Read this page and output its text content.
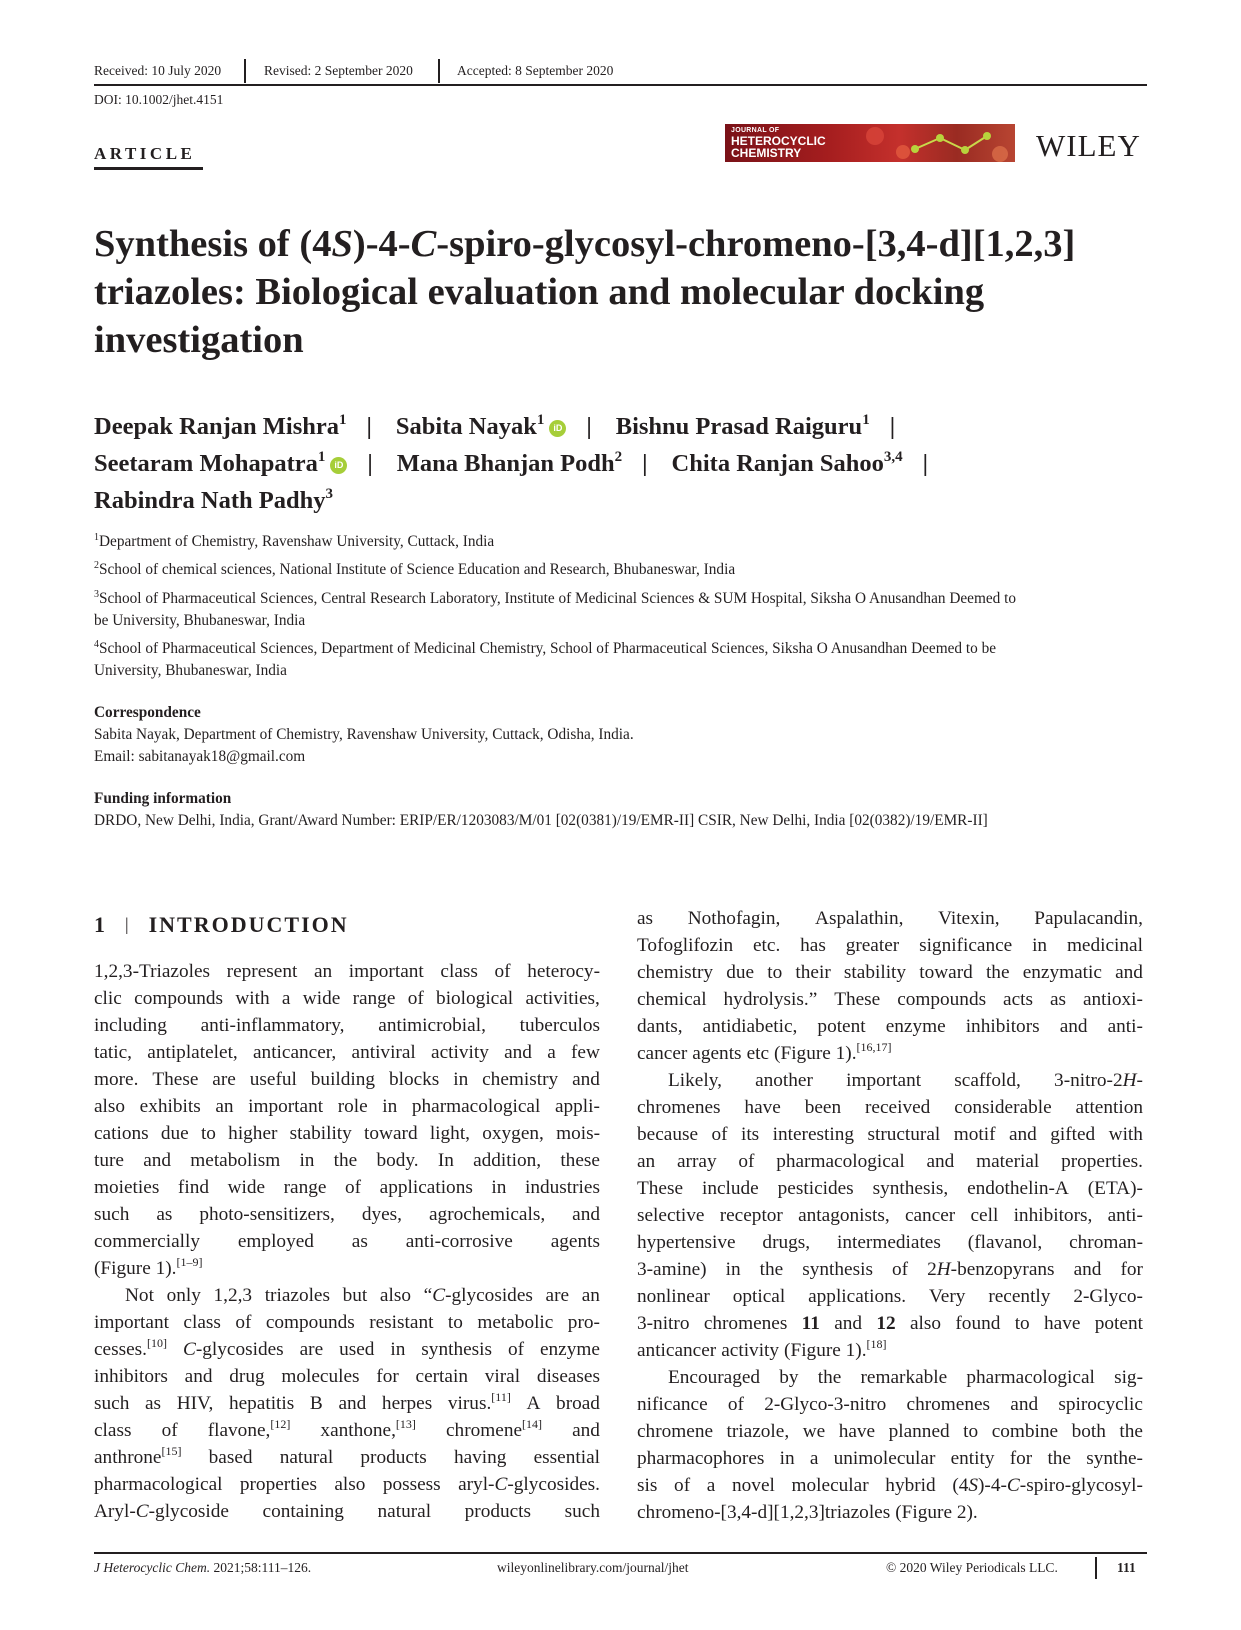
Received: 10 July 2020	Revised: 2 September 2020	Accepted: 8 September 2020
DOI: 10.1002/jhet.4151
ARTICLE
JOURNAL OF
HETEROCYCLIC
CHEMISTRY	WILEY

Synthesis of (4S)-4-C-spiro-glycosyl-chromeno-[3,4-d][1,2,3]

triazoles: Biological evaluation and molecular docking

investigation

Deepak Ranjan Mishra$^1$ | Sabita Nayak$^1$ iD | Bishnu Prasad Raiguru$^1$ |
Seetaram Mohapatra$^1$ iD | Mana Bhanjan Podh$^2$ | Chita Ranjan Sahoo$^{3,4}$ |
Rabindra Nath Padhy$^3$
$^1$Department of Chemistry, Ravenshaw University, Cuttack, India
$^2$School of chemical sciences, National Institute of Science Education and Research, Bhubaneswar, India
$^3$School of Pharmaceutical Sciences, Central Research Laboratory, Institute of Medicinal Sciences & SUM Hospital, Siksha O Anusandhan Deemed to
be University, Bhubaneswar, India
$^4$School of Pharmaceutical Sciences, Department of Medicinal Chemistry, School of Pharmaceutical Sciences, Siksha O Anusandhan Deemed to be
University, Bhubaneswar, India
Correspondence
Sabita Nayak, Department of Chemistry, Ravenshaw University, Cuttack, Odisha, India.
Email: sabitanayak18@gmail.com
Funding information
DRDO, New Delhi, India, Grant/Award Number: ERIP/ER/1203083/M/01 [02(0381)/19/EMR-II] CSIR, New Delhi, India [02(0382)/19/EMR-II]
1 | INTRODUCTION
1,2,3-Triazoles represent an important class of heterocy-
clic compounds with a wide range of biological activities,
including anti-inflammatory, antimicrobial, tuberculos
tatic, antiplatelet, anticancer, antiviral activity and a few
more. These are useful building blocks in chemistry and
also exhibits an important role in pharmacological appli-
cations due to higher stability toward light, oxygen, mois-
ture and metabolism in the body. In addition, these
moieties find wide range of applications in industries
such as photo-sensitizers, dyes, agrochemicals, and
commercially employed as anti-corrosive agents
(Figure 1).[1–9]
Not only 1,2,3 triazoles but also “C-glycosides are an
important class of compounds resistant to metabolic pro-
cesses.[10] C-glycosides are used in synthesis of enzyme
inhibitors and drug molecules for certain viral diseases
such as HIV, hepatitis B and herpes virus.[11] A broad
class of flavone,[12] xanthone,[13] chromene[14] and
anthrone[15] based natural products having essential
pharmacological properties also possess aryl-C-glycosides.
Aryl-C-glycoside containing natural products such
as Nothofagin, Aspalathin, Vitexin, Papulacandin,
Tofoglifozin etc. has greater significance in medicinal
chemistry due to their stability toward the enzymatic and
chemical hydrolysis.” These compounds acts as antioxi-
dants, antidiabetic, potent enzyme inhibitors and anti-
cancer agents etc (Figure 1).[16,17]
Likely, another important scaffold, 3-nitro-2H-
chromenes have been received considerable attention
because of its interesting structural motif and gifted with
an array of pharmacological and material properties.
These include pesticides synthesis, endothelin-A (ETA)-
selective receptor antagonists, cancer cell inhibitors, anti-
hypertensive drugs, intermediates (flavanol, chroman-
3-amine) in the synthesis of 2H-benzopyrans and for
nonlinear optical applications. Very recently 2-Glyco-
3-nitro chromenes 11 and 12 also found to have potent
anticancer activity (Figure 1).[18]
Encouraged by the remarkable pharmacological sig-
nificance of 2-Glyco-3-nitro chromenes and spirocyclic
chromene triazole, we have planned to combine both the
pharmacophores in a unimolecular entity for the synthe-
sis of a novel molecular hybrid (4S)-4-C-spiro-glycosyl-
chromeno-[3,4-d][1,2,3]triazoles (Figure 2).
J Heterocyclic Chem. 2021;58:111–126.	wileyonlinelibrary.com/journal/jhet	© 2020 Wiley Periodicals LLC.	111
